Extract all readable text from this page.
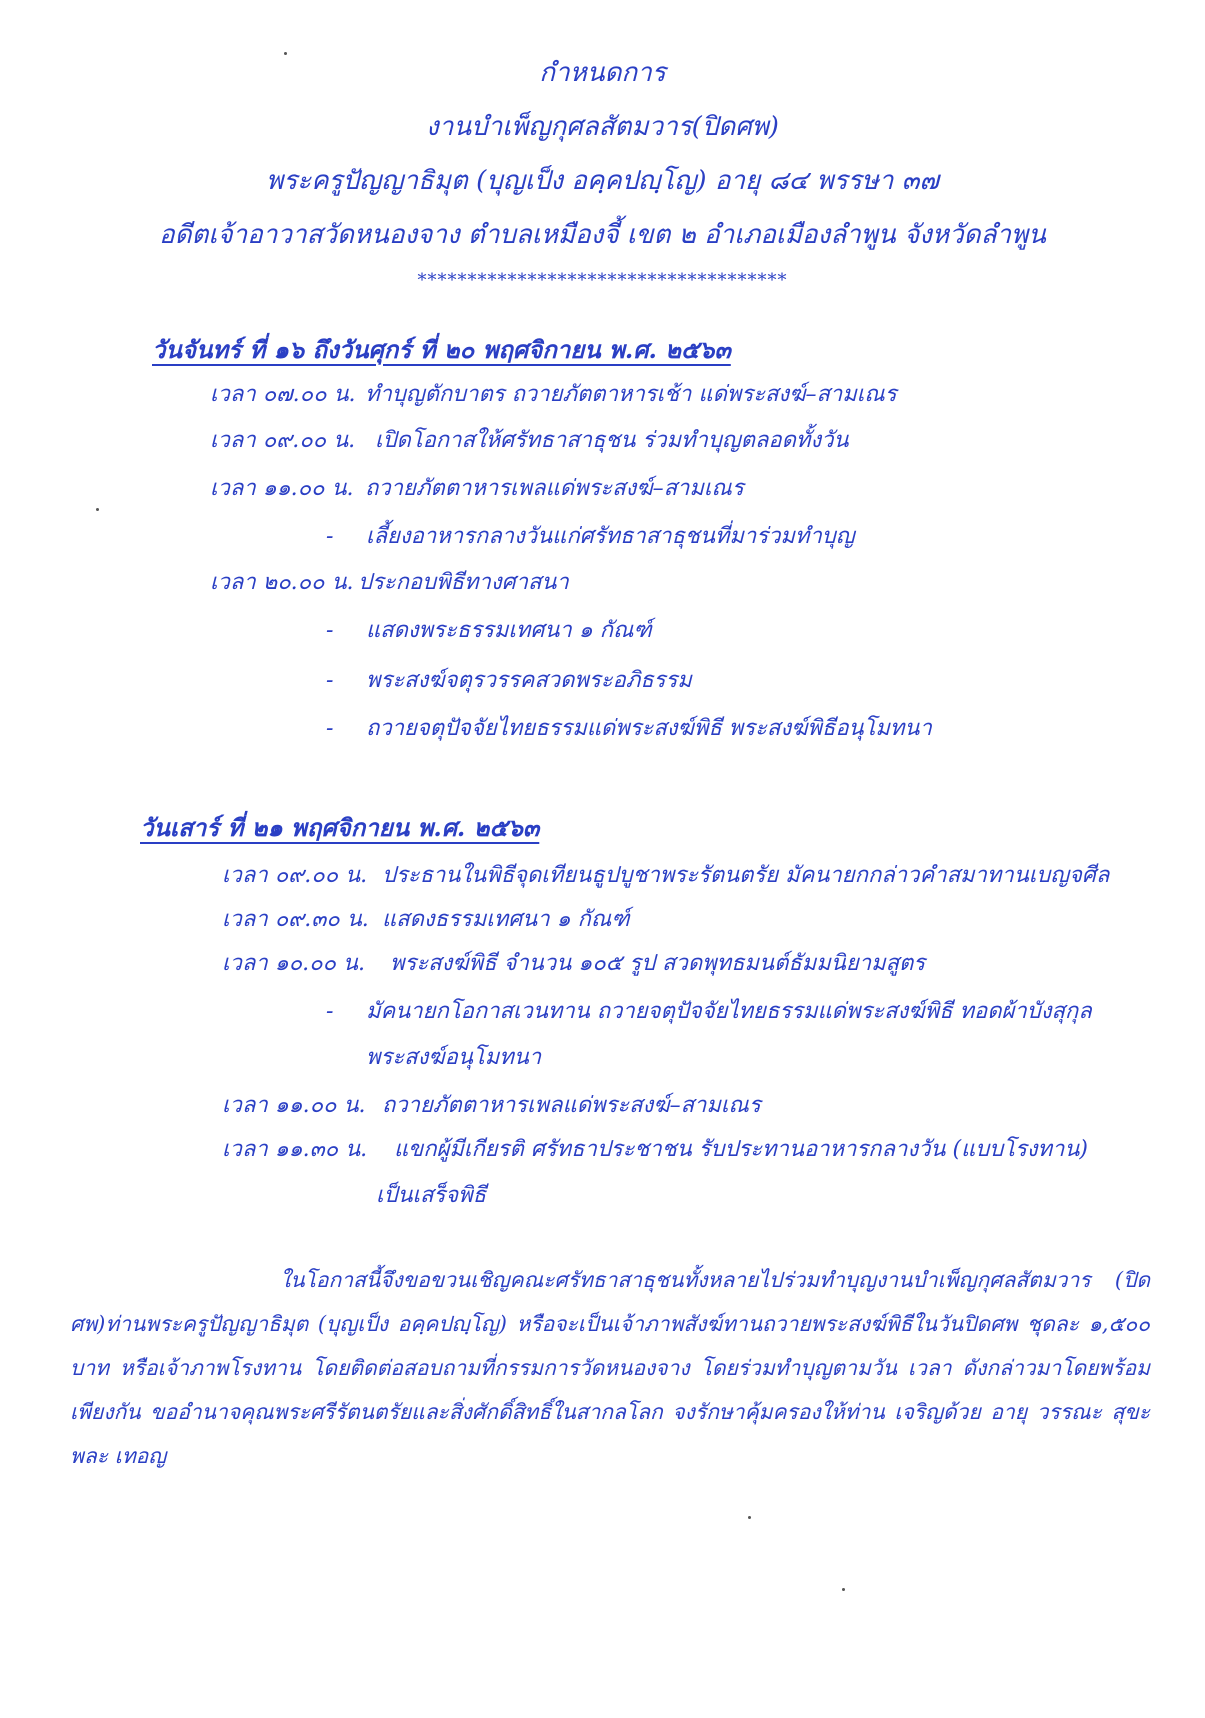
กำหนดการ
งานบำเพ็ญกุศลสัตมวาร(ปิดศพ)
พระครูปัญญาธิมุต (บุญเป็ง อคฺคปญฺโญ) อายุ ๘๔ พรรษา ๓๗
อดีตเจ้าอาวาสวัดหนองจาง ตำบลเหมืองจี้ เขต ๒ อำเภอเมืองลำพูน จังหวัดลำพูน
*************************************
วันจันทร์ ที่ ๑๖ ถึงวันศุกร์ ที่ ๒๐ พฤศจิกายน พ.ศ. ๒๕๖๓
เวลา ๐๗.๐๐ น. ทำบุญตักบาตร ถวายภัตตาหารเช้า แด่พระสงฆ์–สามเณร
เวลา ๐๙.๐๐ น. เปิดโอกาสให้ศรัทธาสาธุชน ร่วมทำบุญตลอดทั้งวัน
เวลา ๑๑.๐๐ น. ถวายภัตตาหารเพลแด่พระสงฆ์–สามเณร
- เลี้ยงอาหารกลางวันแก่ศรัทธาสาธุชนที่มาร่วมทำบุญ
เวลา ๒๐.๐๐ น. ประกอบพิธีทางศาสนา
- แสดงพระธรรมเทศนา ๑ กัณฑ์
- พระสงฆ์จตุรวรรคสวดพระอภิธรรม
- ถวายจตุปัจจัยไทยธรรมแด่พระสงฆ์พิธี พระสงฆ์พิธีอนุโมทนา
วันเสาร์ ที่ ๒๑ พฤศจิกายน พ.ศ. ๒๕๖๓
เวลา ๐๙.๐๐ น. ประธานในพิธีจุดเทียนธูปบูชาพระรัตนตรัย มัคนายกกล่าวคำสมาทานเบญจศีล
เวลา ๐๙.๓๐ น. แสดงธรรมเทศนา ๑ กัณฑ์
เวลา ๑๐.๐๐ น. พระสงฆ์พิธี จำนวน ๑๐๕ รูป สวดพุทธมนต์ธัมมนิยามสูตร
- มัคนายกโอกาสเวนทาน ถวายจตุปัจจัยไทยธรรมแด่พระสงฆ์พิธี ทอดผ้าบังสุกุล
พระสงฆ์อนุโมทนา
เวลา ๑๑.๐๐ น. ถวายภัตตาหารเพลแด่พระสงฆ์–สามเณร
เวลา ๑๑.๓๐ น. แขกผู้มีเกียรติ ศรัทธาประชาชน รับประทานอาหารกลางวัน (แบบโรงทาน)
เป็นเสร็จพิธี

ในโอกาสนี้จึงขอขวนเชิญคณะศรัทธาสาธุชนทั้งหลายไปร่วมทำบุญงานบำเพ็ญกุศลสัตมวาร (ปิดศพ)ท่านพระครูปัญญาธิมุต (บุญเป็ง อคฺคปญฺโญ) หรือจะเป็นเจ้าภาพสังฆ์ทานถวายพระสงฆ์พิธีในวันปิดศพ ชุดละ ๑,๕๐๐ บาท หรือเจ้าภาพโรงทาน โดยติดต่อสอบถามที่กรรมการวัดหนองจาง โดยร่วมทำบุญตามวัน เวลา ดังกล่าวมาโดยพร้อมเพียงกัน ขออำนาจคุณพระศรีรัตนตรัยและสิ่งศักดิ์สิทธิ์ในสากลโลก จงรักษาคุ้มครองให้ท่าน เจริญด้วย อายุ วรรณะ สุขะ พละ เทอญ
